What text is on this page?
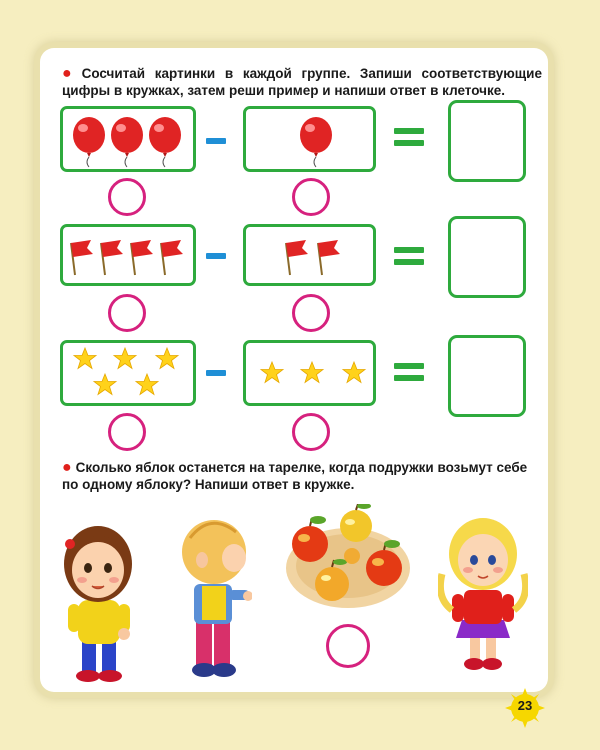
● Сосчитай картинки в каждой группе. Запиши соответствующие цифры в кружках, затем реши пример и напиши ответ в клеточке.
● Сколько яблок останется на тарелке, когда подружки возьмут себе по одному яблоку? Напиши ответ в кружке.
23
